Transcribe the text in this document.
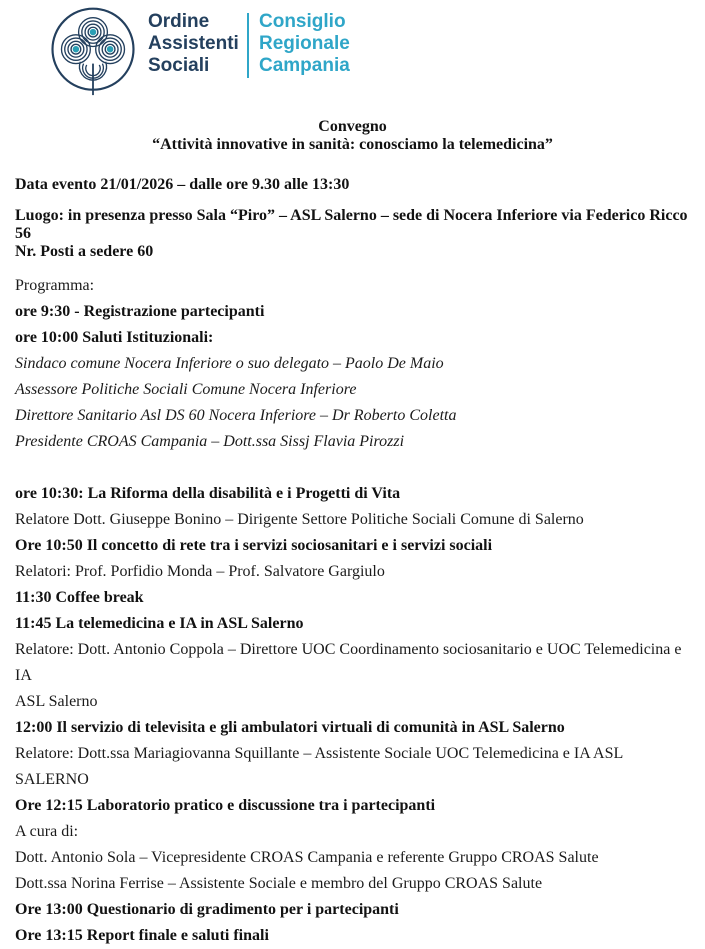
Ordine
Assistenti
Sociali
Consiglio
Regionale
Campania
Convegno
“Attività innovative in sanità: conosciamo la telemedicina”

Data evento 21/01/2026 – dalle ore 9.30 alle 13:30

Luogo: in presenza presso Sala “Piro” – ASL Salerno – sede di Nocera Inferiore via Federico Ricco 56
Nr. Posti a sedere 60
Programma:
ore 9:30 - Registrazione partecipanti
ore 10:00 Saluti Istituzionali:
Sindaco comune Nocera Inferiore o suo delegato – Paolo De Maio
Assessore Politiche Sociali Comune Nocera Inferiore
Direttore Sanitario Asl DS 60 Nocera Inferiore – Dr Roberto Coletta
Presidente CROAS Campania – Dott.ssa Sissj Flavia Pirozzi
ore 10:30: La Riforma della disabilità e i Progetti di Vita
Relatore Dott. Giuseppe Bonino – Dirigente Settore Politiche Sociali Comune di Salerno
Ore 10:50 Il concetto di rete tra i servizi sociosanitari e i servizi sociali
Relatori: Prof. Porfidio Monda – Prof. Salvatore Gargiulo
11:30 Coffee break
11:45 La telemedicina e IA in ASL Salerno
Relatore: Dott. Antonio Coppola – Direttore UOC Coordinamento sociosanitario e UOC Telemedicina e IA
ASL Salerno
12:00 Il servizio di televisita e gli ambulatori virtuali di comunità in ASL Salerno
Relatore: Dott.ssa Mariagiovanna Squillante – Assistente Sociale UOC Telemedicina e IA ASL SALERNO
Ore 12:15 Laboratorio pratico e discussione tra i partecipanti
A cura di:
Dott. Antonio Sola – Vicepresidente CROAS Campania e referente Gruppo CROAS Salute
Dott.ssa Norina Ferrise – Assistente Sociale e membro del Gruppo CROAS Salute
Ore 13:00 Questionario di gradimento per i partecipanti
Ore 13:15 Report finale e saluti finali
